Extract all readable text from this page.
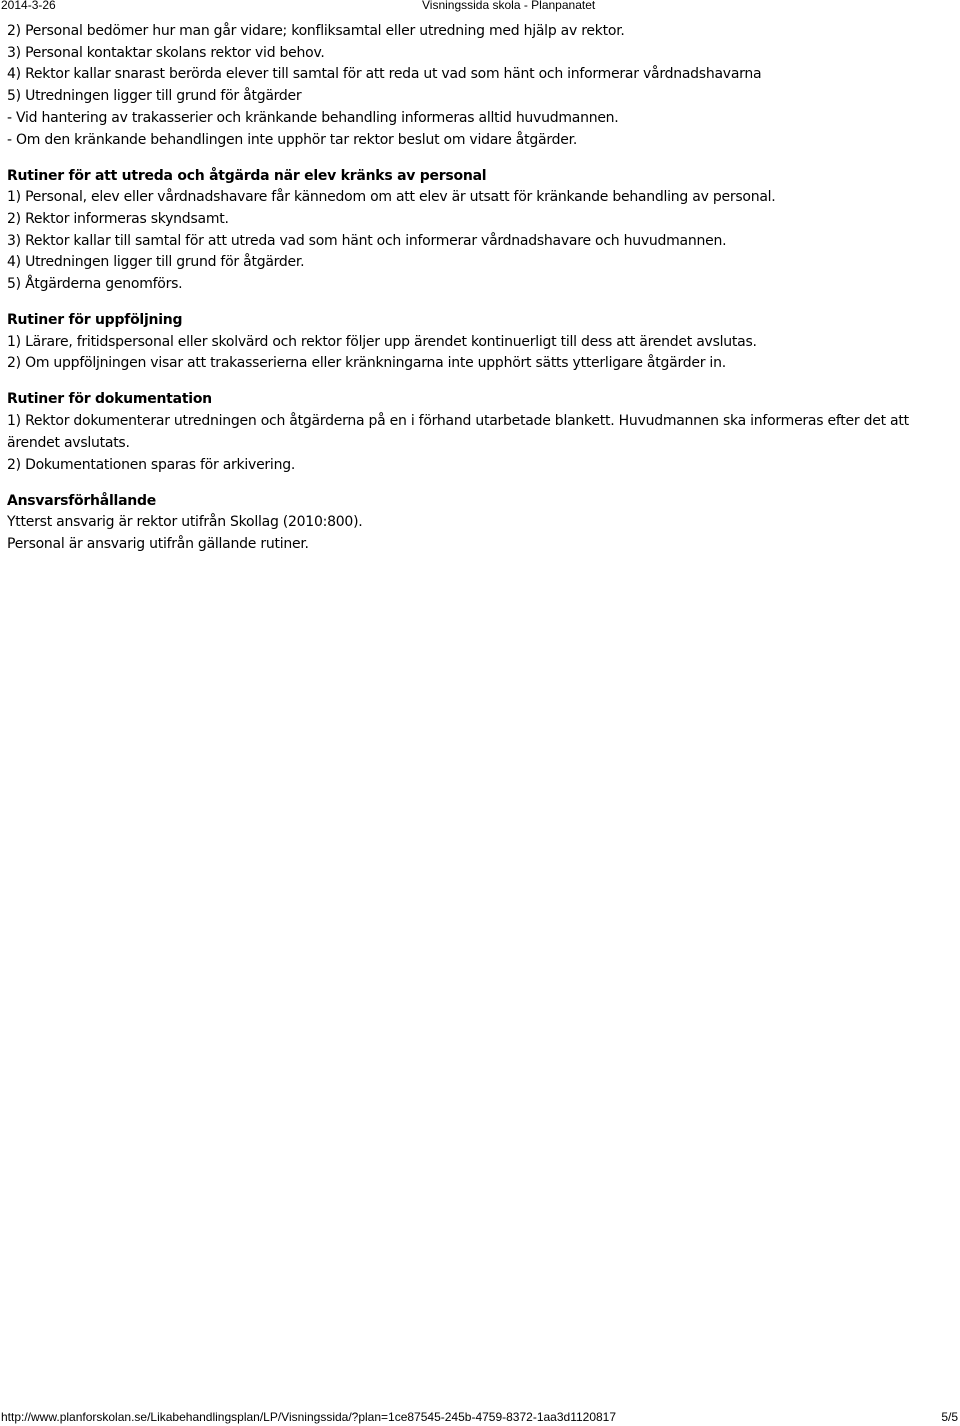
2014-3-26	Visningssida skola - Planpanatet

2) Personal bedömer hur man går vidare; konfliksamtal eller utredning med hjälp av rektor.

3) Personal kontaktar skolans rektor vid behov.

4) Rektor kallar snarast berörda elever till samtal för att reda ut vad som hänt och informerar vårdnadshavarna

5) Utredningen ligger till grund för åtgärder

- Vid hantering av trakasserier och kränkande behandling informeras alltid huvudmannen.

- Om den kränkande behandlingen inte upphör tar rektor beslut om vidare åtgärder.

Rutiner för att utreda och åtgärda när elev kränks av personal

1) Personal, elev eller vårdnadshavare får kännedom om att elev är utsatt för kränkande behandling av personal.

2) Rektor informeras skyndsamt.

3) Rektor kallar till samtal för att utreda vad som hänt och informerar vårdnadshavare och huvudmannen.

4) Utredningen ligger till grund för åtgärder.

5) Åtgärderna genomförs.

Rutiner för uppföljning

1) Lärare, fritidspersonal eller skolvärd och rektor följer upp ärendet kontinuerligt till dess att ärendet avslutas.

2) Om uppföljningen visar att trakasserierna eller kränkningarna inte upphört sätts ytterligare åtgärder in.

Rutiner för dokumentation

1) Rektor dokumenterar utredningen och åtgärderna på en i förhand utarbetade blankett. Huvudmannen ska informeras efter det att ärendet avslutats.

2) Dokumentationen sparas för arkivering.

Ansvarsförhållande

Ytterst ansvarig är rektor utifrån Skollag (2010:800).

Personal är ansvarig utifrån gällande rutiner.

http://www.planforskolan.se/Likabehandlingsplan/LP/Visningssida/?plan=1ce87545-245b-4759-8372-1aa3d1120817	5/5
